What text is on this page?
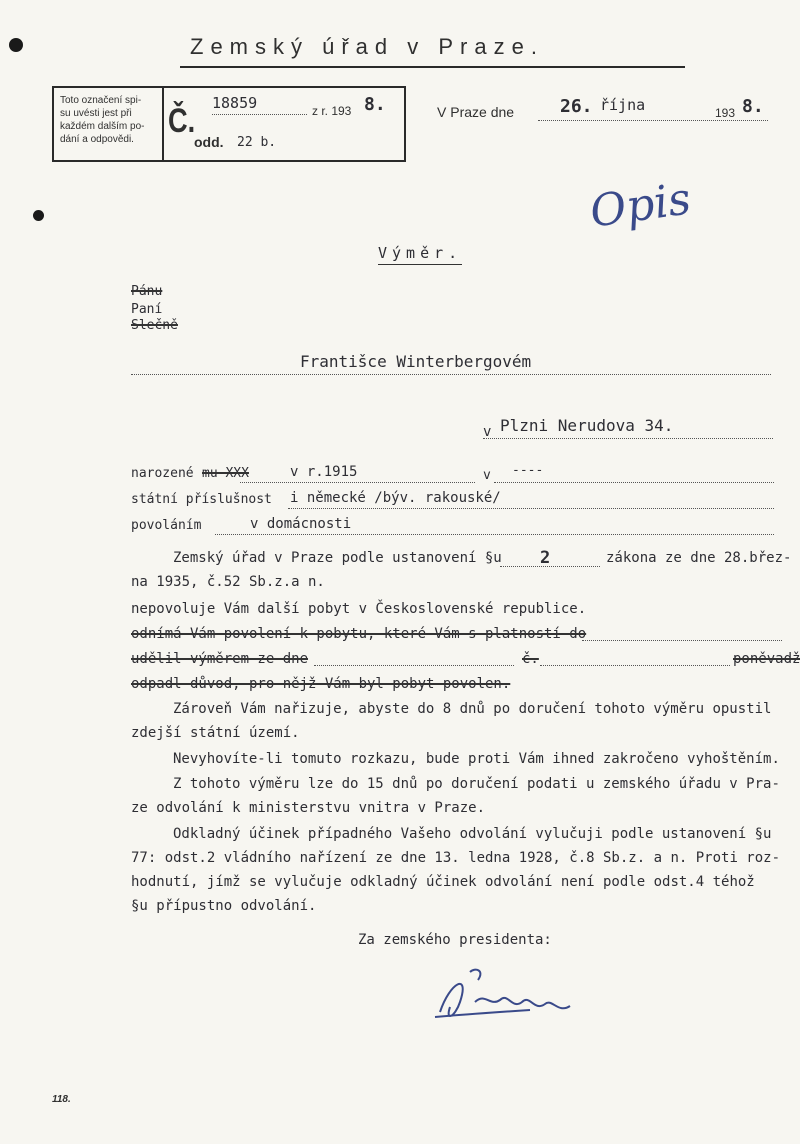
Zemský úřad v Praze.
Toto označení spi-
su uvésti jest při
každém dalším po-
dání a odpovědi.	Č. 18859	z r. 193 8.
odd. 22 b.
V Praze dne	26. října	193 8.
Opis
Výměr.
Pánu
Paní
Slečně
Františce Winterbergovém
v Plzni Nerudova 34.
narozené mu XXX	v r.1915	v ----
státní příslušnost i německé /býv. rakouské/
povoláním	v domácnosti
Zemský úřad v Praze podle ustanovení §u 2	zákona ze dne 28.břez-
na 1935, č.52 Sb.z.a n.
nepovoluje Vám další pobyt v Československé republice.
odnímá Vám povolení k pobytu, které Vám s platností do
udělil výměrem ze dne	č.	poněvadž
odpadl důvod, pro nějž Vám byl pobyt povolen.
Zároveň Vám nařizuje, abyste do 8 dnů po doručení tohoto výměru opustil
zdejší státní území.
Nevyhovíte-li tomuto rozkazu, bude proti Vám ihned zakročeno vyhoštěním.
Z tohoto výměru lze do 15 dnů po doručení podati u zemského úřadu v Pra-
ze odvolání k ministerstvu vnitra v Praze.
Odkladný účinek případného Vašeho odvolání vylučuji podle ustanovení §u
77: odst.2 vládního nařízení ze dne 13. ledna 1928, č.8 Sb.z. a n. Proti roz-
hodnutí, jímž se vylučuje odkladný účinek odvolání není podle odst.4 téhož
§u přípustno odvolání.
Za zemského presidenta:
118.
